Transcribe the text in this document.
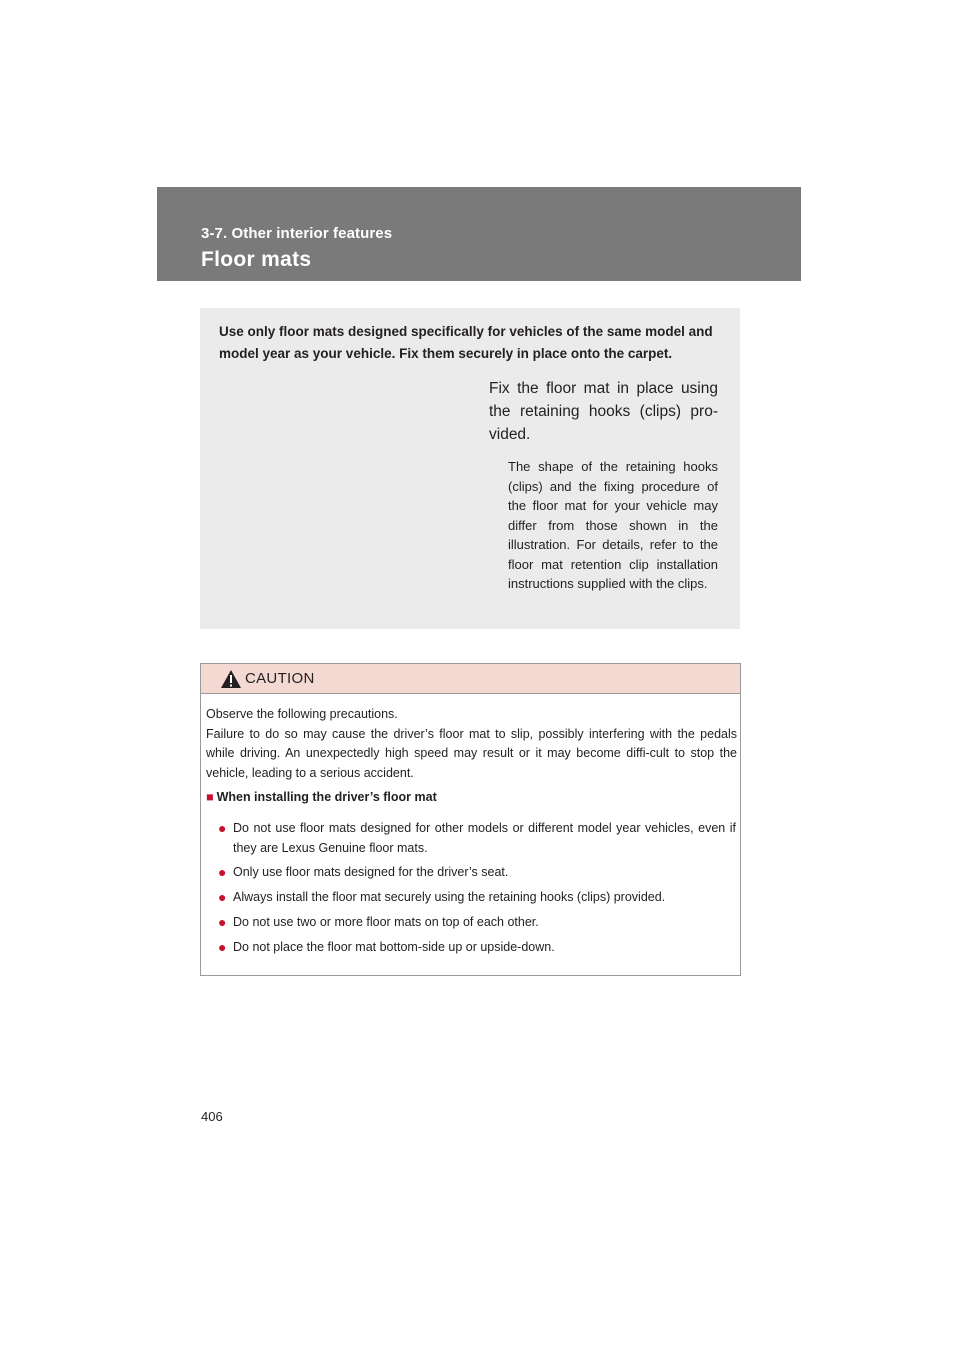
3-7. Other interior features
Floor mats
Use only floor mats designed specifically for vehicles of the same model and model year as your vehicle. Fix them securely in place onto the carpet.
Fix the floor mat in place using the retaining hooks (clips) pro-vided.
The shape of the retaining hooks (clips) and the fixing procedure of the floor mat for your vehicle may differ from those shown in the illustration. For details, refer to the floor mat retention clip installation instructions supplied with the clips.
CAUTION
Observe the following precautions.
Failure to do so may cause the driver’s floor mat to slip, possibly interfering with the pedals while driving. An unexpectedly high speed may result or it may become diffi-cult to stop the vehicle, leading to a serious accident.
■ When installing the driver’s floor mat
● Do not use floor mats designed for other models or different model year vehicles, even if they are Lexus Genuine floor mats.
● Only use floor mats designed for the driver’s seat.
● Always install the floor mat securely using the retaining hooks (clips) provided.
● Do not use two or more floor mats on top of each other.
● Do not place the floor mat bottom-side up or upside-down.
406
